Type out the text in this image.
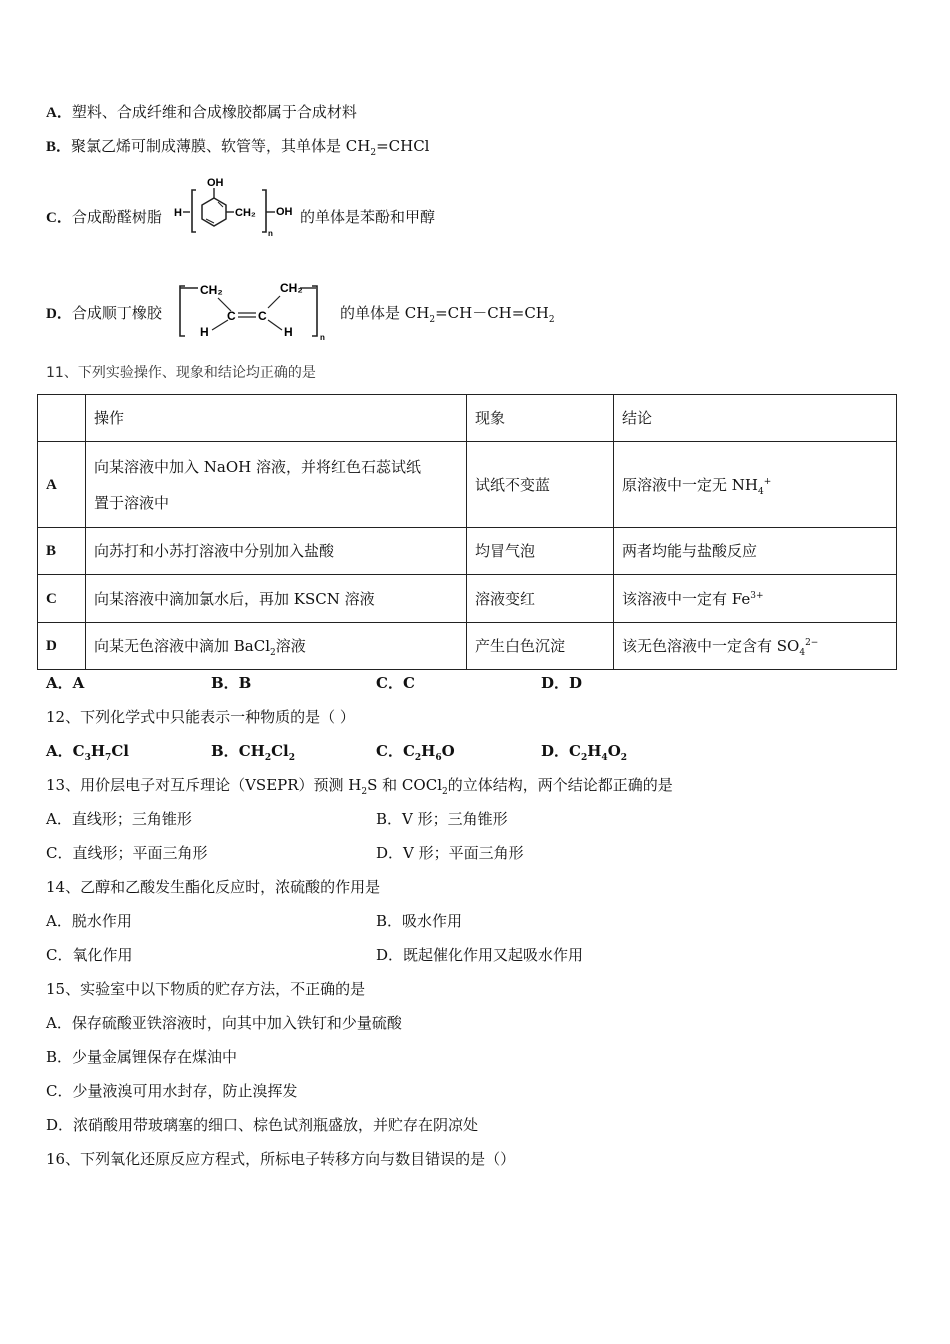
A．塑料、合成纤维和合成橡胶都属于合成材料
B．聚氯乙烯可制成薄膜、软管等，其单体是 $CH_2=CHCl$
C．合成酚醛树脂 H
OH
CH₂
n
OH 的单体是苯酚和甲醇
D．合成顺丁橡胶
CH₂
C C
H	H
CH₂
n
的单体是 $CH_2=CH-CH=CH_2$
11、下列实验操作、现象和结论均正确的是
	操作	现象	结论
A	向某溶液中加入 NaOH 溶液，并将红色石蕊试纸
置于溶液中	试纸不变蓝	原溶液中一定无 $NH_4^+$
B	向苏打和小苏打溶液中分别加入盐酸	均冒气泡	两者均能与盐酸反应
C	向某溶液中滴加氯水后，再加 KSCN 溶液	溶液变红	该溶液中一定有 $Fe^{3+}$
D	向某无色溶液中滴加 BaCl$_2$溶液	产生白色沉淀	该无色溶液中一定含有 $SO_4^{2-}$
A．A	B．B	C．C	D．D
12、下列化学式中只能表示一种物质的是（ ）
A．$C_3H_7Cl$	B．$CH_2Cl_2$	C．$C_2H_6O$	D．$C_2H_4O_2$
13、用价层电子对互斥理论（VSEPR）预测 $H_2S$ 和 COCl$_2$的立体结构，两个结论都正确的是
A．直线形；三角锥形	B．V 形；三角锥形
C．直线形；平面三角形	D．V 形；平面三角形
14、乙醇和乙酸发生酯化反应时，浓硫酸的作用是
A．脱水作用	B．吸水作用
C．氧化作用	D．既起催化作用又起吸水作用
15、实验室中以下物质的贮存方法，不正确的是
A．保存硫酸亚铁溶液时，向其中加入铁钉和少量硫酸
B．少量金属锂保存在煤油中
C．少量液溴可用水封存，防止溴挥发
D．浓硝酸用带玻璃塞的细口、棕色试剂瓶盛放，并贮存在阴凉处
16、下列氧化还原反应方程式，所标电子转移方向与数目错误的是（）
